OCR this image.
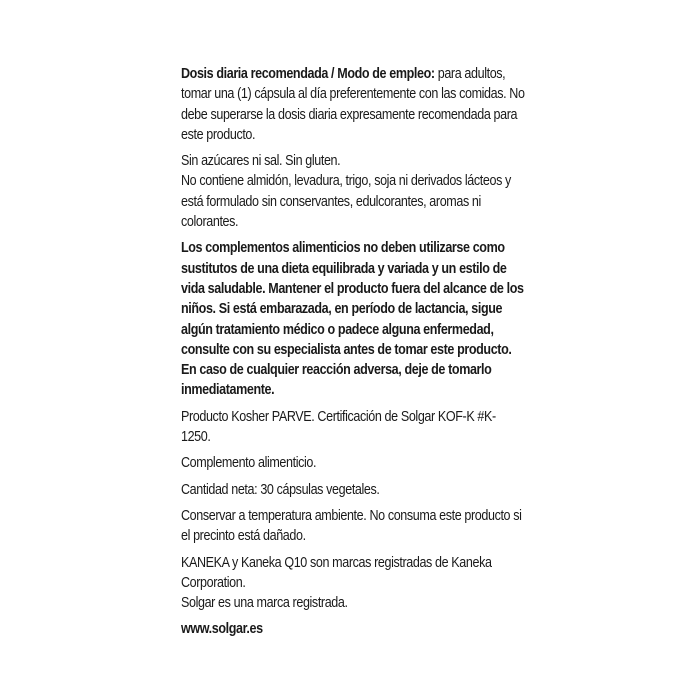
Dosis diaria recomendada / Modo de empleo: para adultos, tomar una (1) cápsula al día preferentemente con las comidas. No debe superarse la dosis diaria expresamente recomendada para este producto.

Sin azúcares ni sal. Sin gluten.

No contiene almidón, levadura, trigo, soja ni derivados lácteos y está formulado sin conservantes, edulcorantes, aromas ni colorantes.

Los complementos alimenticios no deben utilizarse como sustitutos de una dieta equilibrada y variada y un estilo de vida saludable. Mantener el producto fuera del alcance de los niños. Si está embarazada, en período de lactancia, sigue algún tratamiento médico o padece alguna enfermedad, consulte con su especialista antes de tomar este producto. En caso de cualquier reacción adversa, deje de tomarlo inmediatamente.

Producto Kosher PARVE. Certificación de Solgar KOF-K #K-1250.

Complemento alimenticio.

Cantidad neta: 30 cápsulas vegetales.

Conservar a temperatura ambiente. No consuma este producto si el precinto está dañado.

KANEKA y Kaneka Q10 son marcas registradas de Kaneka Corporation.

Solgar es una marca registrada.

www.solgar.es
